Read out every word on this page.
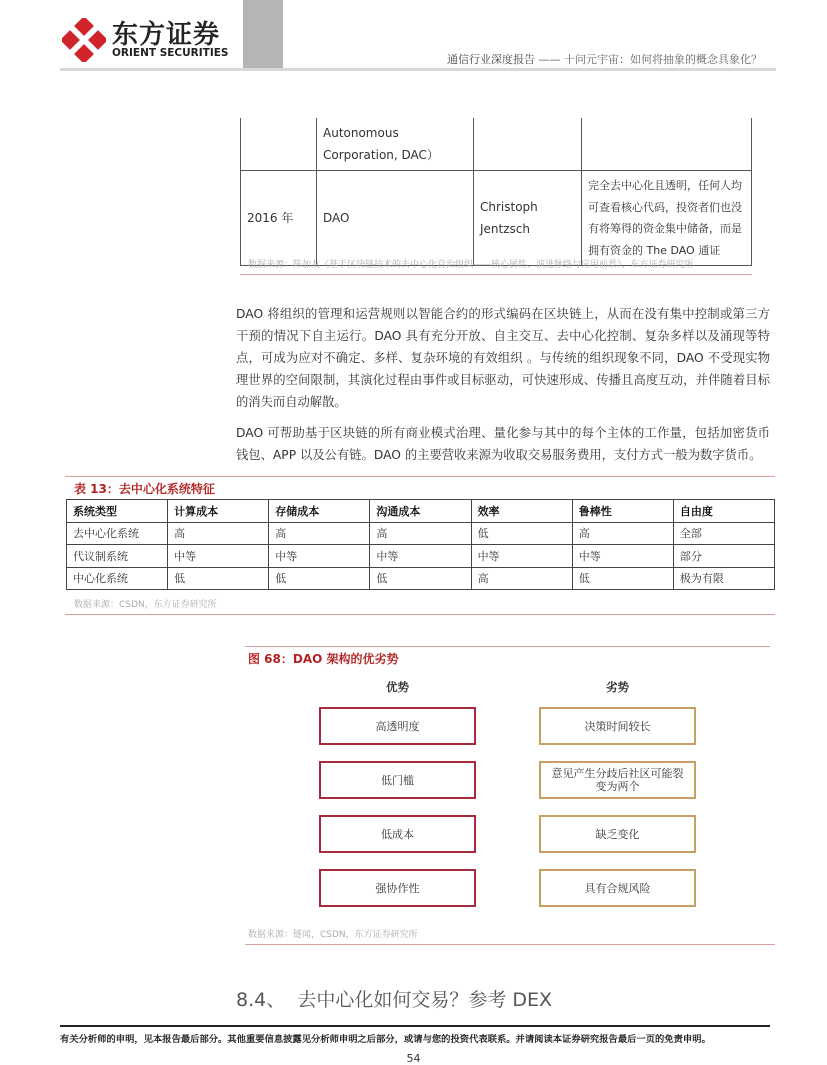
东方证券
ORIENT SECURITIES	通信行业深度报告 —— 十问元宇宙：如何将抽象的概念具象化？
	Autonomous Corporation, DAC）		
2016 年	DAO	Christoph Jentzsch	完全去中心化且透明，任何人均可查看核心代码，投资者们也没有将筹得的资金集中储备，而是拥有资金的 The DAO 通证
数据来源：陈加友《基于区块链技术的去中心化自治组织——核心属性、演进脉络与应用前景》，东方证券研究所

DAO 将组织的管理和运营规则以智能合约的形式编码在区块链上，从而在没有集中控制或第三方干预的情况下自主运行。DAO 具有充分开放、自主交互、去中心化控制、复杂多样以及涌现等特点，可成为应对不确定、多样、复杂环境的有效组织 。与传统的组织现象不同，DAO 不受现实物理世界的空间限制，其演化过程由事件或目标驱动，可快速形成、传播且高度互动，并伴随着目标的消失而自动解散。

DAO 可帮助基于区块链的所有商业模式治理、量化参与其中的每个主体的工作量，包括加密货币钱包、APP 以及公有链。DAO 的主要营收来源为收取交易服务费用，支付方式一般为数字货币。

表 13：去中心化系统特征
系统类型	计算成本	存储成本	沟通成本	效率	鲁棒性	自由度
去中心化系统	高	高	高	低	高	全部
代议制系统	中等	中等	中等	中等	中等	部分
中心化系统	低	低	低	高	低	极为有限
数据来源：CSDN，东方证券研究所
图 68：DAO 架构的优劣势
优势	劣势
高透明度
低门槛
低成本
强协作性
决策时间较长
意见产生分歧后社区可能裂变为两个
缺乏变化
具有合规风险
数据来源：链闻，CSDN，东方证券研究所
8.4、 去中心化如何交易？参考 DEX
有关分析师的申明，见本报告最后部分。其他重要信息披露见分析师申明之后部分，或请与您的投资代表联系。并请阅读本证券研究报告最后一页的免责申明。
54
